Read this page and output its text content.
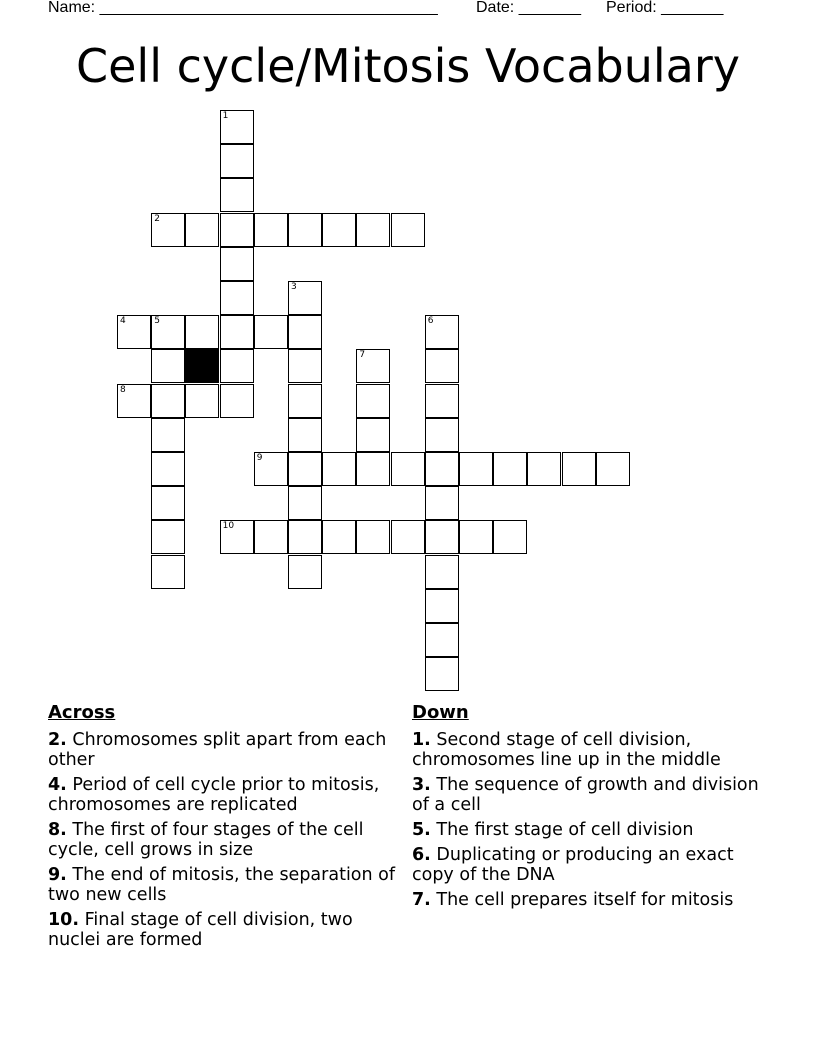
Name: ______________________________________ Date: _______ Period: _______
Cell cycle/Mitosis Vocabulary
1
2
3
4	5	6
7
8
9
10
Across
2. Chromosomes split apart from each other
4. Period of cell cycle prior to mitosis, chromosomes are replicated
8. The first of four stages of the cell cycle, cell grows in size
9. The end of mitosis, the separation of two new cells
10. Final stage of cell division, two nuclei are formed
Down
1. Second stage of cell division, chromosomes line up in the middle
3. The sequence of growth and division of a cell
5. The first stage of cell division
6. Duplicating or producing an exact copy of the DNA
7. The cell prepares itself for mitosis
